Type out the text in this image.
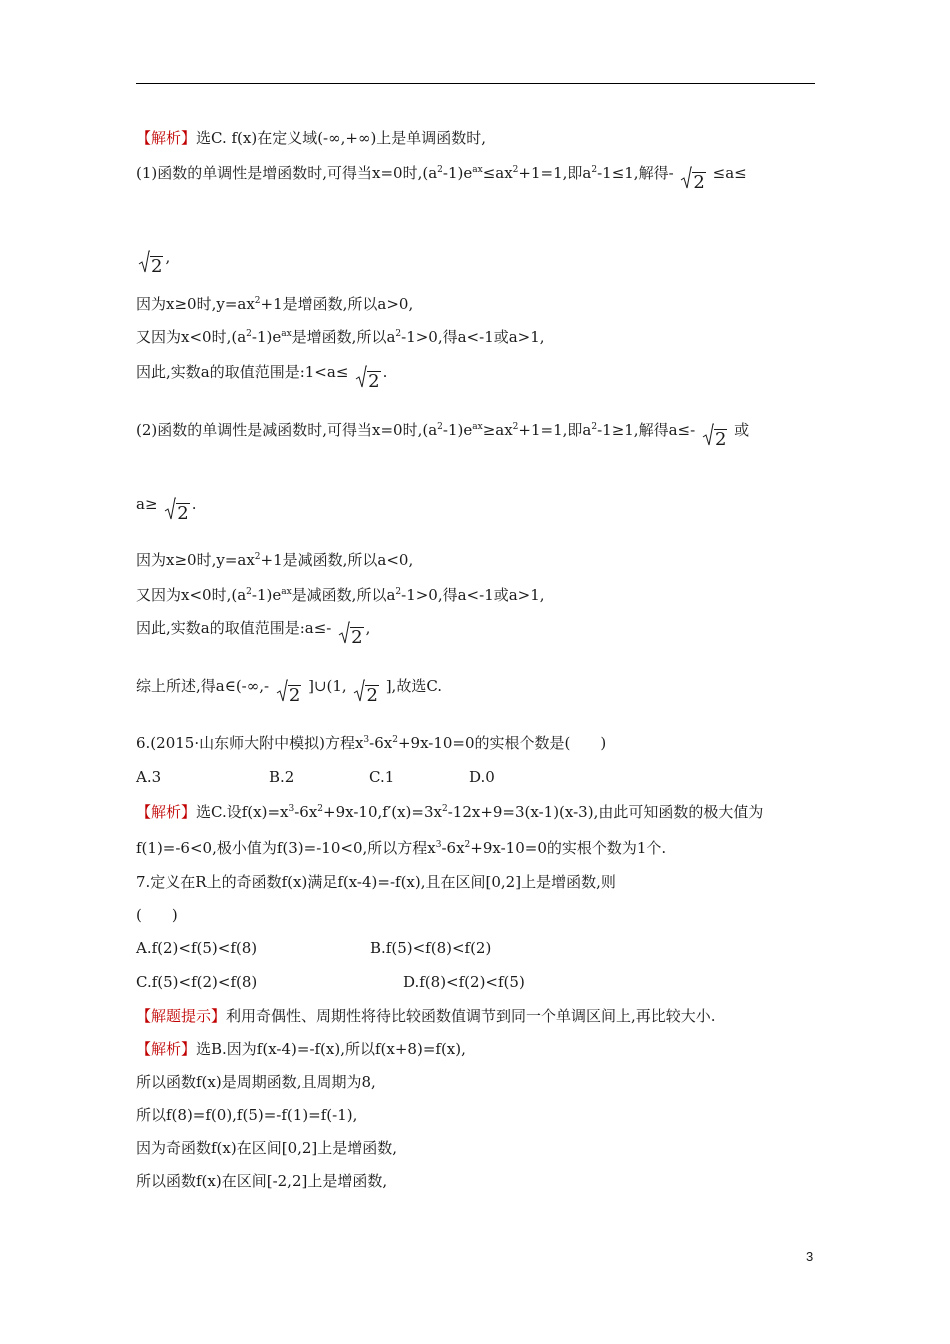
【解析】选C. f(x)在定义域(-∞,+∞)上是单调函数时,
(1)函数的单调性是增函数时,可得当x=0时$,(a^2-1)e^{ax}\le ax^2+1=1$,即$a^2-1\le 1$,解得- 2 ≤a≤
2 ,
因为x≥0时$,y=ax^2+1$是增函数,所以a>0,
又因为x<0时$,(a^2-1)e^{ax}$是增函数,所以$a^2-1>0$,得a<-1或a>1,
因此,实数a的取值范围是:1<a≤ 2 .
(2)函数的单调性是减函数时,可得当x=0时$,(a^2-1)e^{ax}\ge ax^2+1=1$,即$a^2-1\ge 1$,解得a≤- 2 或
a≥ 2 .
因为x≥0时$,y=ax^2+1$是减函数,所以a<0,
又因为x<0时$,(a^2-1)e^{ax}$是减函数,所以$a^2-1>0$,得a<-1或a>1,
因此,实数a的取值范围是:a≤- 2 ,
综上所述,得a∈(-∞,- 2 ]∪(1, 2 ],故选C.
6.(2015·山东师大附中模拟)方程$x^3-6x^2+9x-10=0$的实根个数是(　　)
A.3	B.2	C.1	D.0
【解析】选C.设$f(x)=x^3-6x^2+9x-10,f'(x)=3x^2-12x+9=3(x-1)(x-3)$,由此可知函数的极大值为
f(1)=-6<0,极小值为f(3)=-10<0,所以方程$x^3-6x^2+9x-10=0$的实根个数为1个.
7.定义在R上的奇函数f(x)满足f(x-4)=-f(x),且在区间[0,2]上是增函数,则
(　　)
A.f(2)<f(5)<f(8)	B.f(5)<f(8)<f(2)
C.f(5)<f(2)<f(8)	D.f(8)<f(2)<f(5)
【解题提示】利用奇偶性、周期性将待比较函数值调节到同一个单调区间上,再比较大小.
【解析】选B.因为f(x-4)=-f(x),所以f(x+8)=f(x),
所以函数f(x)是周期函数,且周期为8,
所以f(8)=f(0),f(5)=-f(1)=f(-1),
因为奇函数f(x)在区间[0,2]上是增函数,
所以函数f(x)在区间[-2,2]上是增函数,
3
